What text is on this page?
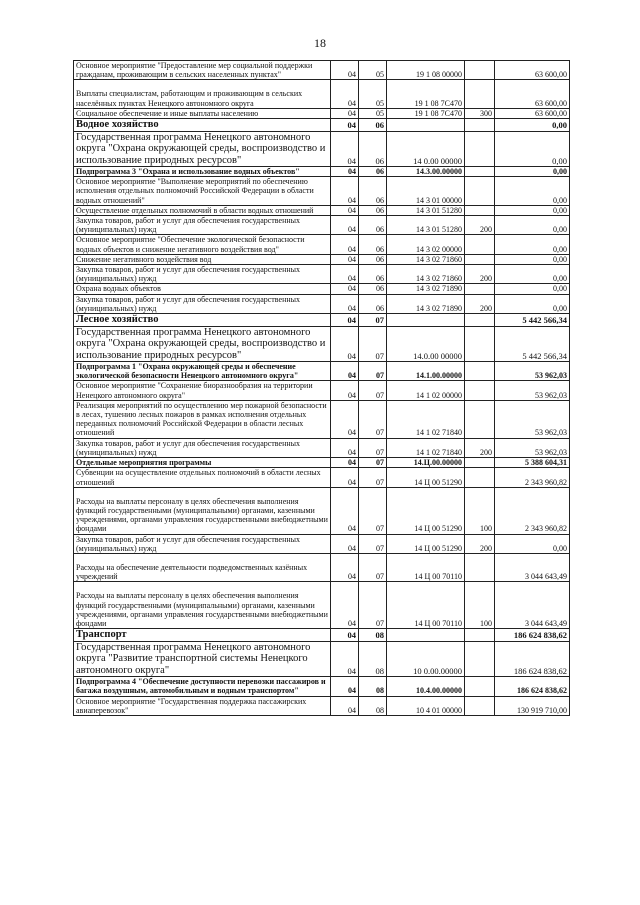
18
Основное мероприятие "Предоставление мер социальной поддержки гражданам, проживающим в сельских населенных пунктах"	04	05	19 1 08 00000		63 600,00
Выплаты специалистам, работающим и проживающим в сельских населённых пунктах Ненецкого автономного округа	04	05	19 1 08 7С470		63 600,00
Социальное обеспечение и иные выплаты населению	04	05	19 1 08 7С470	300	63 600,00
Водное хозяйство	04	06			0,00
Государственная программа Ненецкого автономного округа "Охрана окружающей среды, воспроизводство и использование природных ресурсов"	04	06	14 0.00 00000		0,00
Подпрограмма 3 "Охрана и использование водных объектов"	04	06	14.3.00.00000		0,00
Основное мероприятие "Выполнение мероприятий по обеспечению исполнения отдельных полномочий Российской Федерации в области водных отношений"	04	06	14 3 01 00000		0,00
Осуществление отдельных полномочий в области водных отношений	04	06	14 3 01 51280		0,00
Закупка товаров, работ и услуг для обеспечения государственных (муниципальных) нужд	04	06	14 3 01 51280	200	0,00
Основное мероприятие "Обеспечение экологической безопасности водных объектов и снижение негативного воздействия вод"	04	06	14 3 02 00000		0,00
Снижение негативного воздействия вод	04	06	14 3 02 71860		0,00
Закупка товаров, работ и услуг для обеспечения государственных (муниципальных) нужд	04	06	14 3 02 71860	200	0,00
Охрана водных объектов	04	06	14 3 02 71890		0,00
Закупка товаров, работ и услуг для обеспечения государственных (муниципальных) нужд	04	06	14 3 02 71890	200	0,00
Лесное хозяйство	04	07			5 442 566,34
Государственная программа Ненецкого автономного округа "Охрана окружающей среды, воспроизводство и использование природных ресурсов"	04	07	14.0.00 00000		5 442 566,34
Подпрограмма 1 "Охрана окружающей среды и обеспечение экологической безопасности Ненецкого автономного округа"	04	07	14.1.00.00000		53 962,03
Основное мероприятие "Сохранение биоразнообразия на территории Ненецкого автономного округа"	04	07	14 1 02 00000		53 962,03
Реализация мероприятий по осуществлению мер пожарной безопасности в лесах, тушению лесных пожаров в рамках исполнения отдельных переданных полномочий Российской Федерации в области лесных отношений	04	07	14 1 02 71840		53 962,03
Закупка товаров, работ и услуг для обеспечения государственных (муниципальных) нужд	04	07	14 1 02 71840	200	53 962,03
Отдельные мероприятия программы	04	07	14.Ц.00.00000		5 388 604,31
Субвенции на осуществление отдельных полномочий в области лесных отношений	04	07	14 Ц 00 51290		2 343 960,82
Расходы на выплаты персоналу в целях обеспечения выполнения функций государственными (муниципальными) органами, казенными учреждениями, органами управления государственными внебюджетными фондами	04	07	14 Ц 00 51290	100	2 343 960,82
Закупка товаров, работ и услуг для обеспечения государственных (муниципальных) нужд	04	07	14 Ц 00 51290	200	0,00
Расходы на обеспечение деятельности подведомственных казённых учреждений	04	07	14 Ц 00 70110		3 044 643,49
Расходы на выплаты персоналу в целях обеспечения выполнения функций государственными (муниципальными) органами, казенными учреждениями, органами управления государственными внебюджетными фондами	04	07	14 Ц 00 70110	100	3 044 643,49
Транспорт	04	08			186 624 838,62
Государственная программа Ненецкого автономного округа "Развитие транспортной системы Ненецкого автономного округа"	04	08	10 0.00.00000		186 624 838,62
Подпрограмма 4 "Обеспечение доступности перевозки пассажиров и багажа воздушным, автомобильным и водным транспортом"	04	08	10.4.00.00000		186 624 838,62
Основное мероприятие "Государственная поддержка пассажирских авиаперевозок"	04	08	10 4 01 00000		130 919 710,00
